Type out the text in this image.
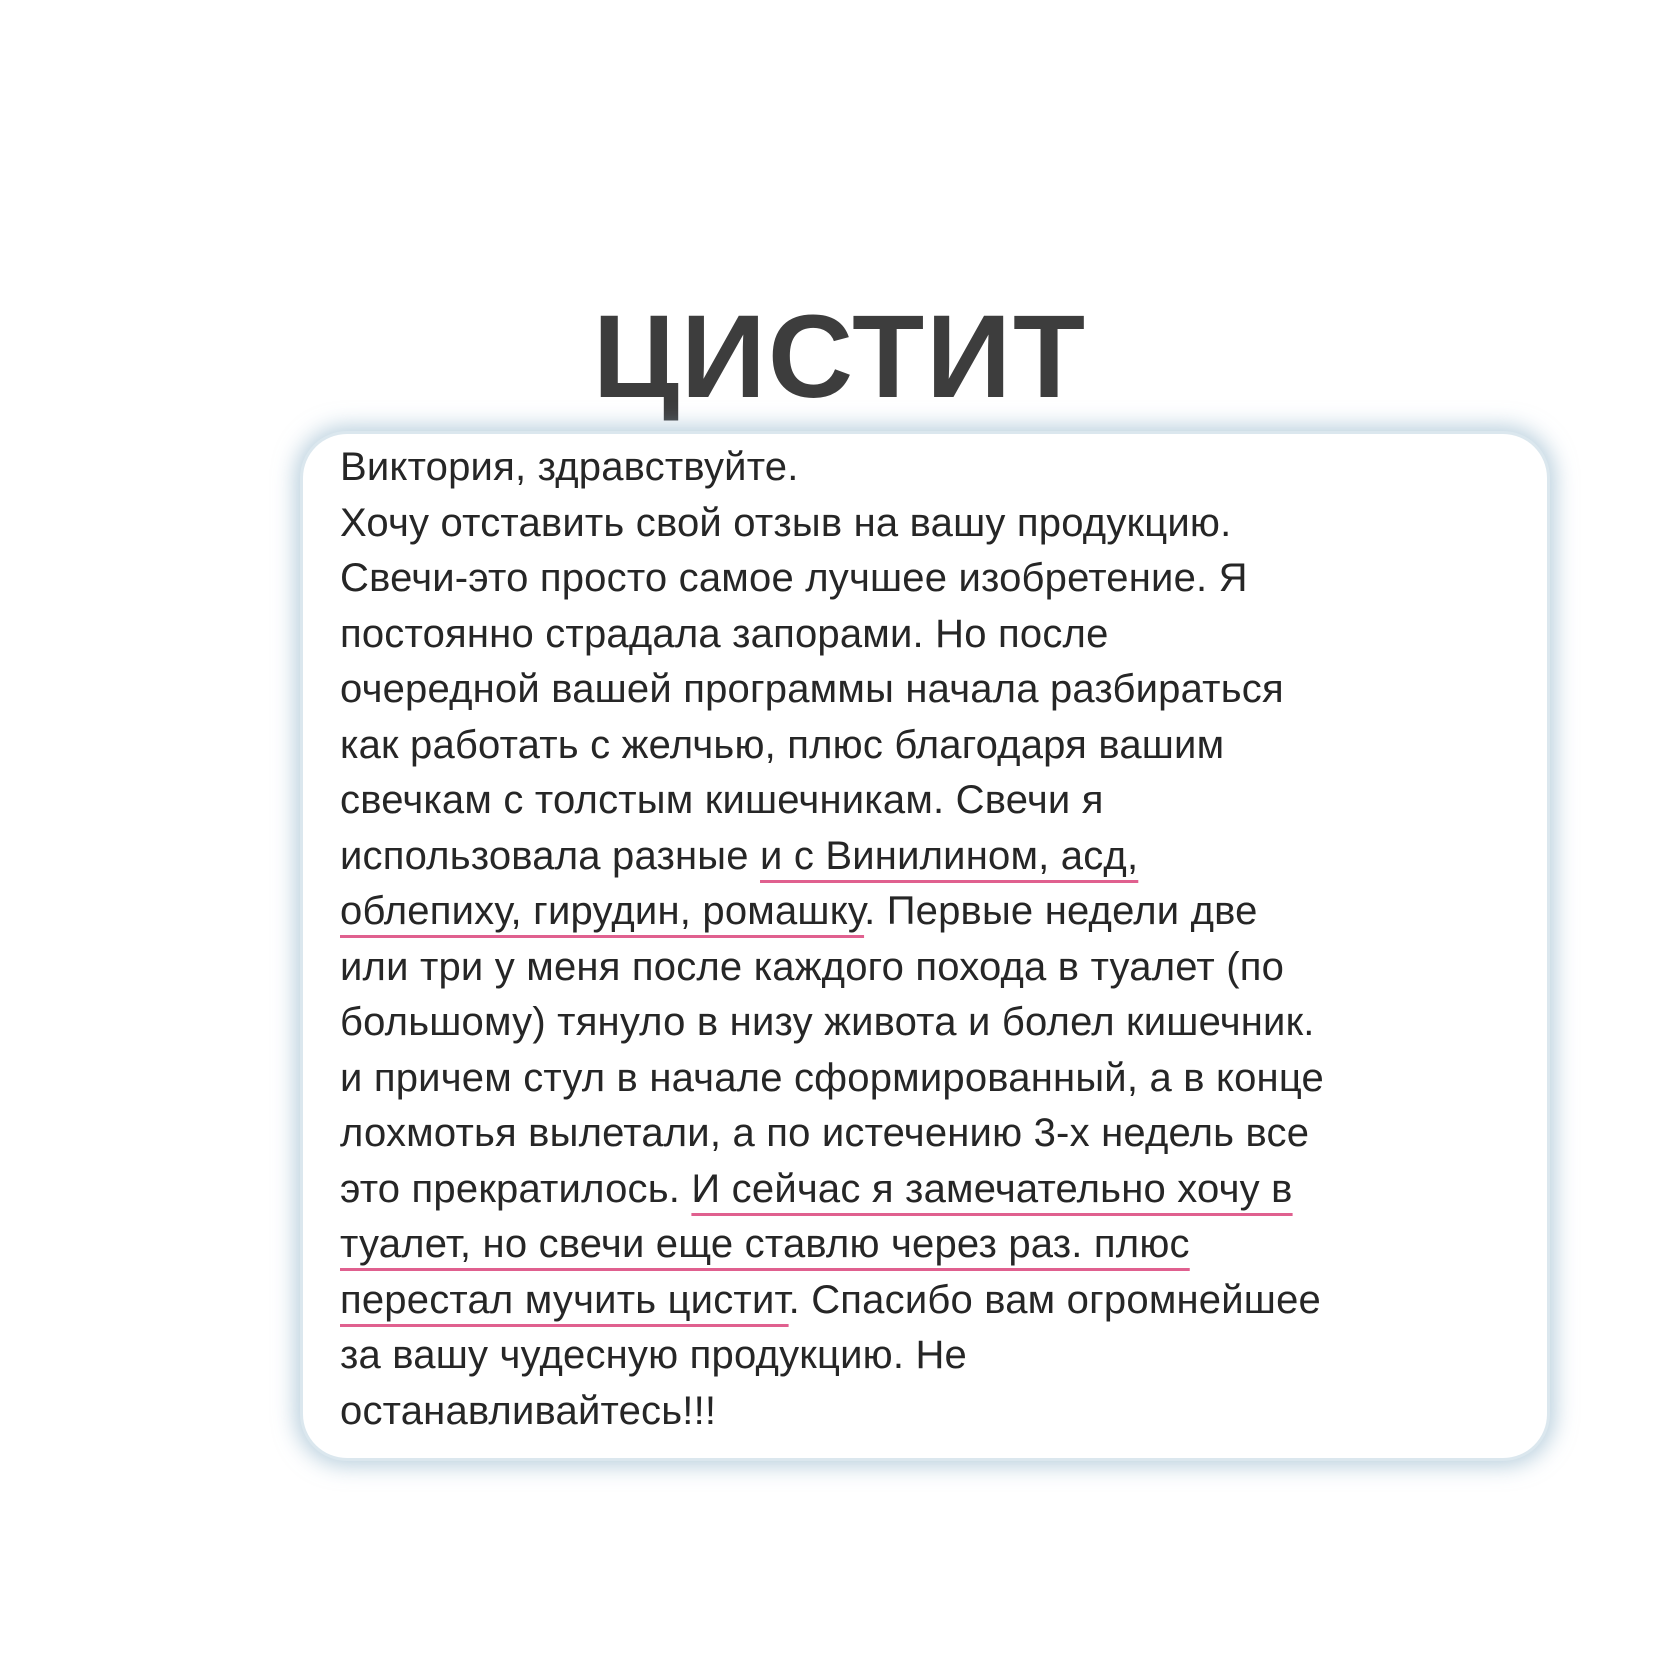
ЦИСТИТ
Виктория, здравствуйте.
Хочу отставить свой отзыв на вашу продукцию.
Свечи-это просто самое лучшее изобретение. Я
постоянно страдала запорами. Но после
очередной вашей программы начала разбираться
как работать с желчью, плюс благодаря вашим
свечкам с толстым кишечникам. Свечи я
использовала разные и с Винилином, асд,
облепиху, гирудин, ромашку. Первые недели две
или три у меня после каждого похода в туалет (по
большому) тянуло в низу живота и болел кишечник.
и причем стул в начале сформированный, а в конце
лохмотья вылетали, а по истечению 3-х недель все
это прекратилось. И сейчас я замечательно хочу в
туалет, но свечи еще ставлю через раз. плюс
перестал мучить цистит. Спасибо вам огромнейшее
за вашу чудесную продукцию. Не
останавливайтесь!!!
